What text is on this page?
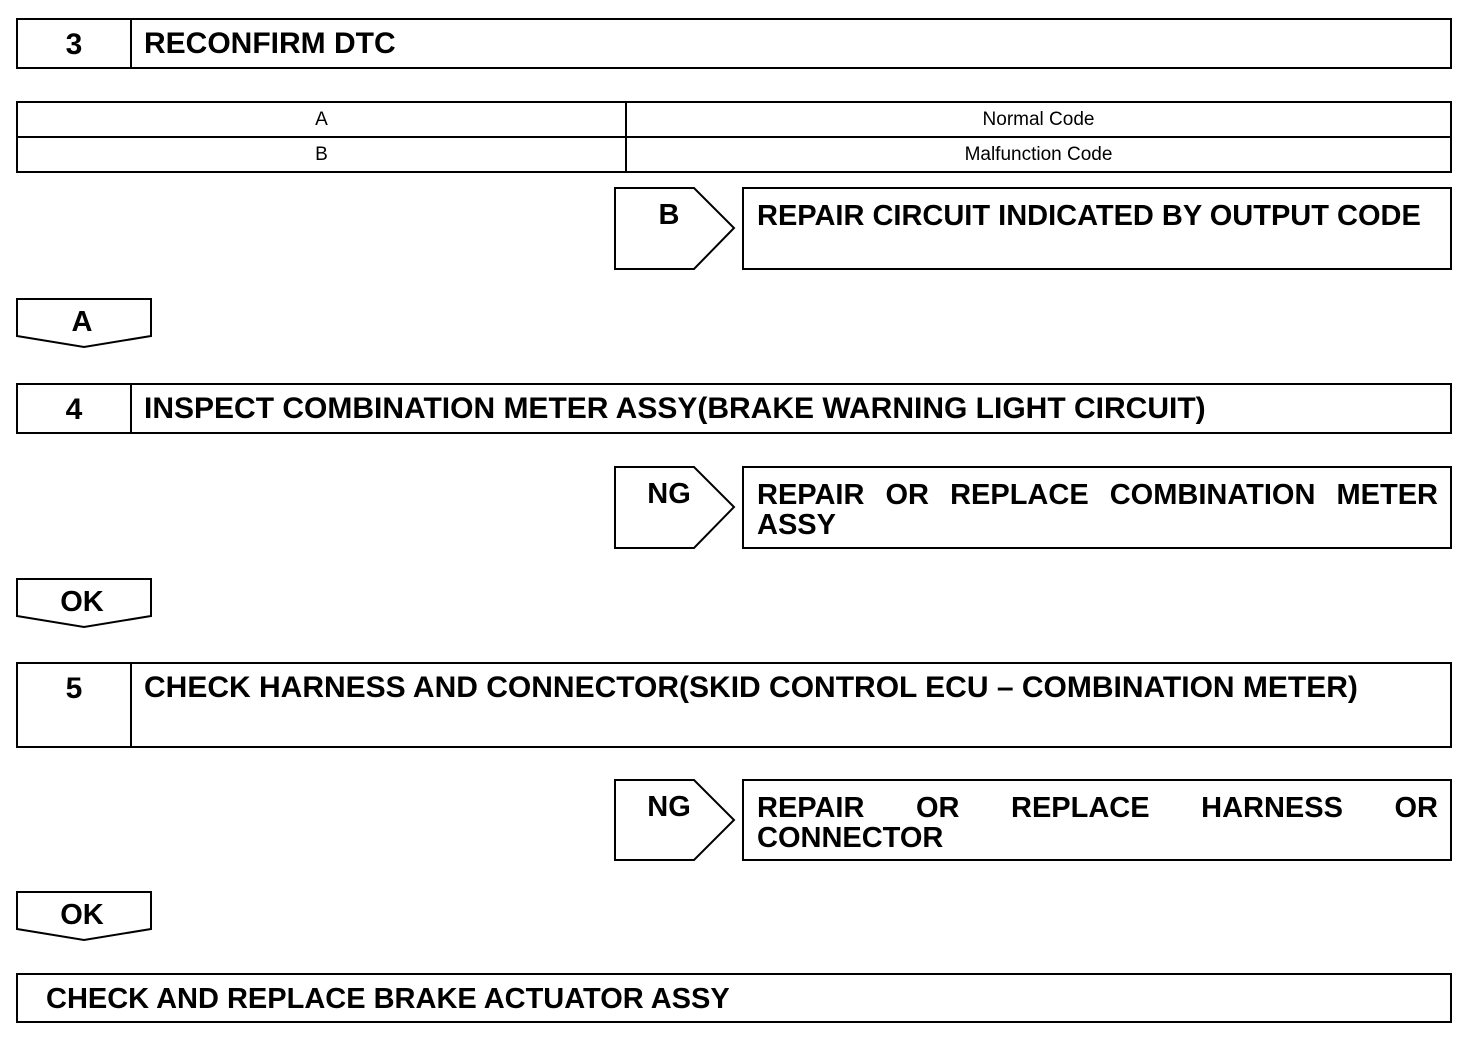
3	RECONFIRM DTC
A	Normal Code
B	Malfunction Code
B	REPAIR CIRCUIT INDICATED BY OUTPUT CODE
A
4	INSPECT COMBINATION METER ASSY(BRAKE WARNING LIGHT CIRCUIT)
NG	REPAIR OR REPLACE COMBINATION METER ASSY
OK
5	CHECK HARNESS AND CONNECTOR(SKID CONTROL ECU – COMBINATION METER)
NG	REPAIR OR REPLACE HARNESS OR CONNECTOR
OK
CHECK AND REPLACE BRAKE ACTUATOR ASSY
